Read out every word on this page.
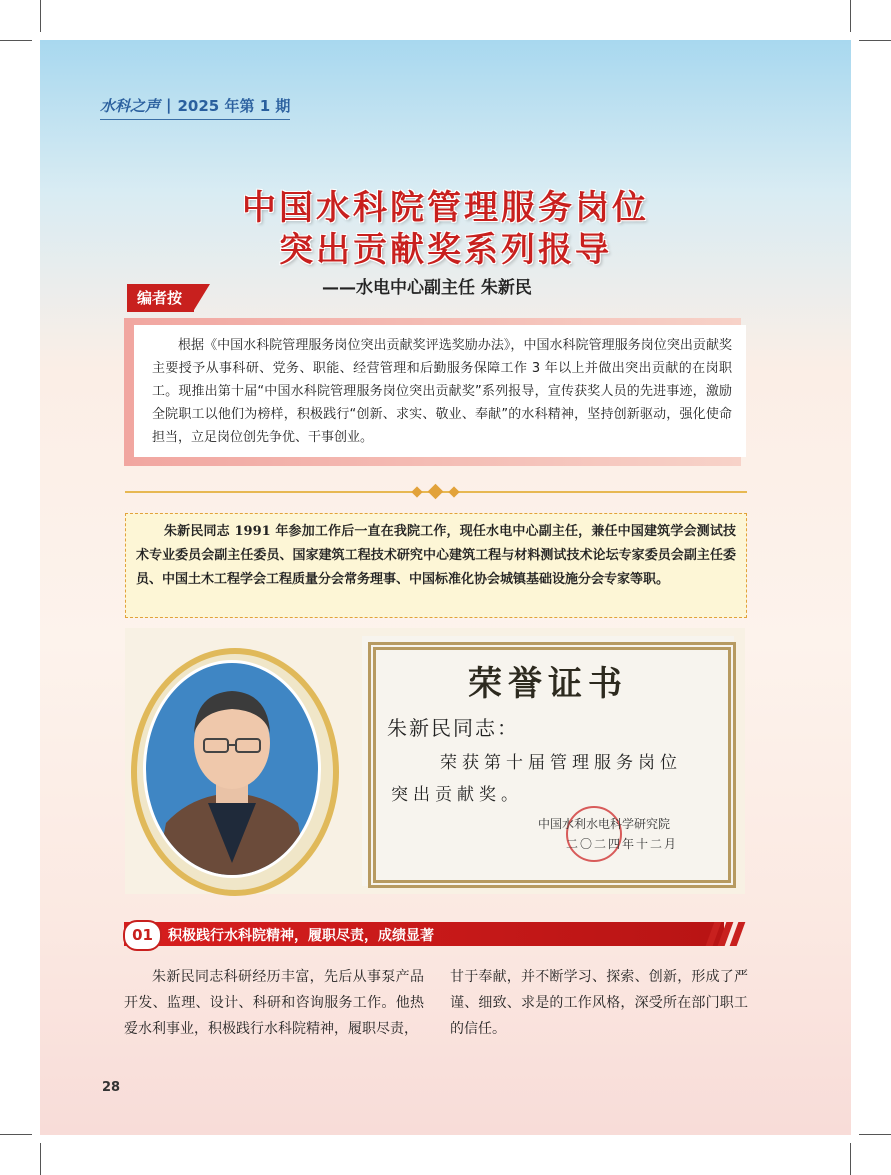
水科之声 | 2025 年第 1 期
中国水科院管理服务岗位
突出贡献奖系列报导
——水电中心副主任 朱新民
编者按

根据《中国水科院管理服务岗位突出贡献奖评选奖励办法》，中国水科院管理服务岗位突出贡献奖主要授予从事科研、党务、职能、经营管理和后勤服务保障工作 3 年以上并做出突出贡献的在岗职工。现推出第十届“中国水科院管理服务岗位突出贡献奖”系列报导，宣传获奖人员的先进事迹，激励全院职工以他们为榜样，积极践行“创新、求实、敬业、奉献”的水科精神，坚持创新驱动，强化使命担当，立足岗位创先争优、干事创业。

朱新民同志 1991 年参加工作后一直在我院工作，现任水电中心副主任，兼任中国建筑学会测试技术专业委员会副主任委员、国家建筑工程技术研究中心建筑工程与材料测试技术论坛专家委员会副主任委员、中国土木工程学会工程质量分会常务理事、中国标准化协会城镇基础设施分会专家等职。

荣誉证书
朱新民同志：
荣获第十届管理服务岗位
突出贡献奖。
中国水利水电科学研究院
二〇二四年十二月
01	积极践行水科院精神，履职尽责，成绩显著
朱新民同志科研经历丰富，先后从事泵产品开发、监理、设计、科研和咨询服务工作。他热爱水利事业，积极践行水科院精神，履职尽责，
甘于奉献，并不断学习、探索、创新，形成了严谨、细致、求是的工作风格，深受所在部门职工的信任。
28
